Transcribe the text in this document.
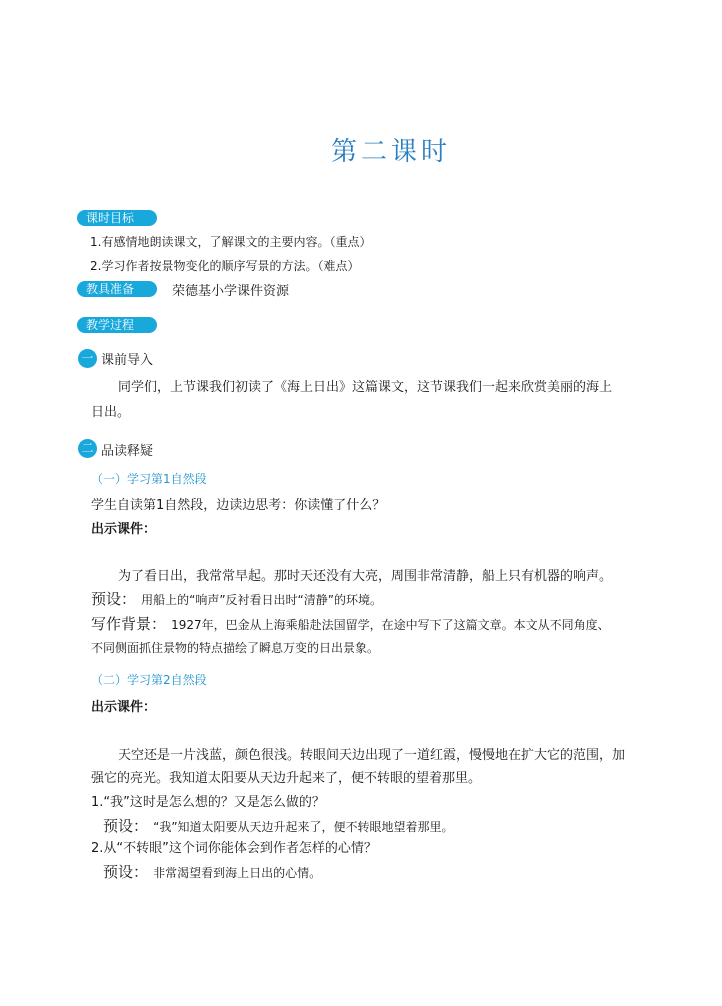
第二课时
课时目标
1.有感情地朗读课文，了解课文的主要内容。（重点）
2.学习作者按景物变化的顺序写景的方法。（难点）
教具准备	荣德基小学课件资源
教学过程
一 课前导入
同学们，上节课我们初读了《海上日出》这篇课文，这节课我们一起来欣赏美丽的海上
日出。
二 品读释疑
（一）学习第1自然段
学生自读第1自然段，边读边思考：你读懂了什么？
出示课件：
为了看日出，我常常早起。那时天还没有大亮，周围非常清静，船上只有机器的响声。
预设： 用船上的“响声”反衬看日出时“清静”的环境。
写作背景： 1927年，巴金从上海乘船赴法国留学，在途中写下了这篇文章。本文从不同角度、
不同侧面抓住景物的特点描绘了瞬息万变的日出景象。
（二）学习第2自然段
出示课件：
天空还是一片浅蓝，颜色很浅。转眼间天边出现了一道红霞，慢慢地在扩大它的范围，加
强它的亮光。我知道太阳要从天边升起来了，便不转眼的望着那里。
1.“我”这时是怎么想的？又是怎么做的？
预设： “我”知道太阳要从天边升起来了，便不转眼地望着那里。
2.从“不转眼”这个词你能体会到作者怎样的心情？
预设： 非常渴望看到海上日出的心情。
